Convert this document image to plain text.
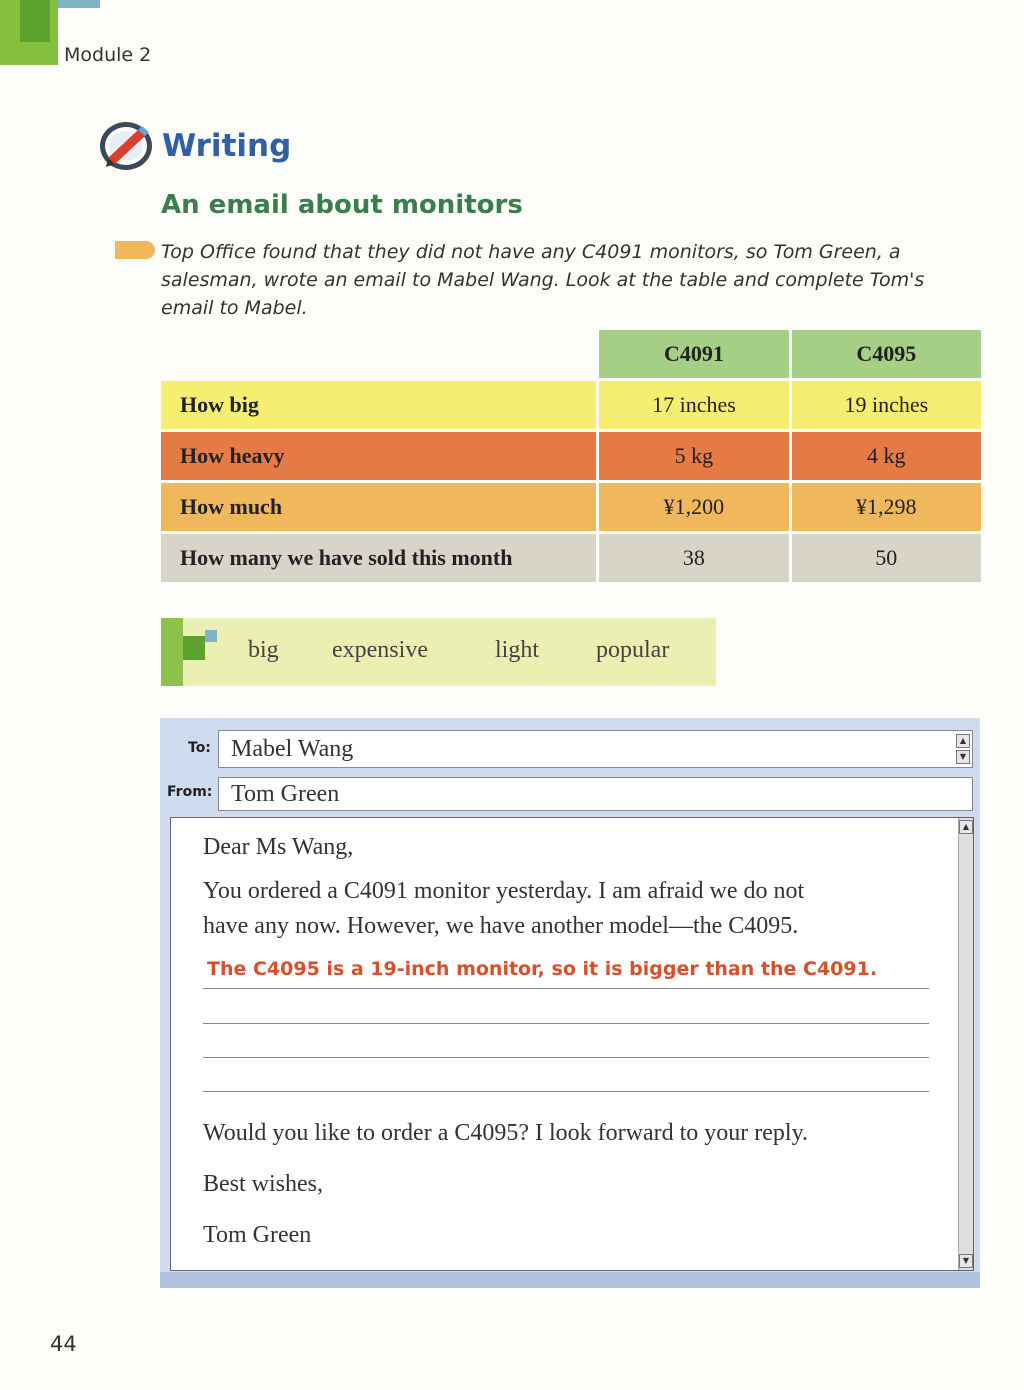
Module 2
Writing
An email about monitors
Top Office found that they did not have any C4091 monitors, so Tom Green, a salesman, wrote an email to Mabel Wang. Look at the table and complete Tom's email to Mabel.
	C4091	C4095
How big	17 inches	19 inches
How heavy	5 kg	4 kg
How much	¥1,200	¥1,298
How many we have sold this month	38	50
big expensive	light popular
To: Mabel Wang	▲
▼
From: Tom Green
▲
▼
Dear Ms Wang,
You ordered a C4091 monitor yesterday. I am afraid we do not
have any now. However, we have another model—the C4095.
The C4095 is a 19-inch monitor, so it is bigger than the C4091.
Would you like to order a C4095? I look forward to your reply.
Best wishes,
Tom Green
44
